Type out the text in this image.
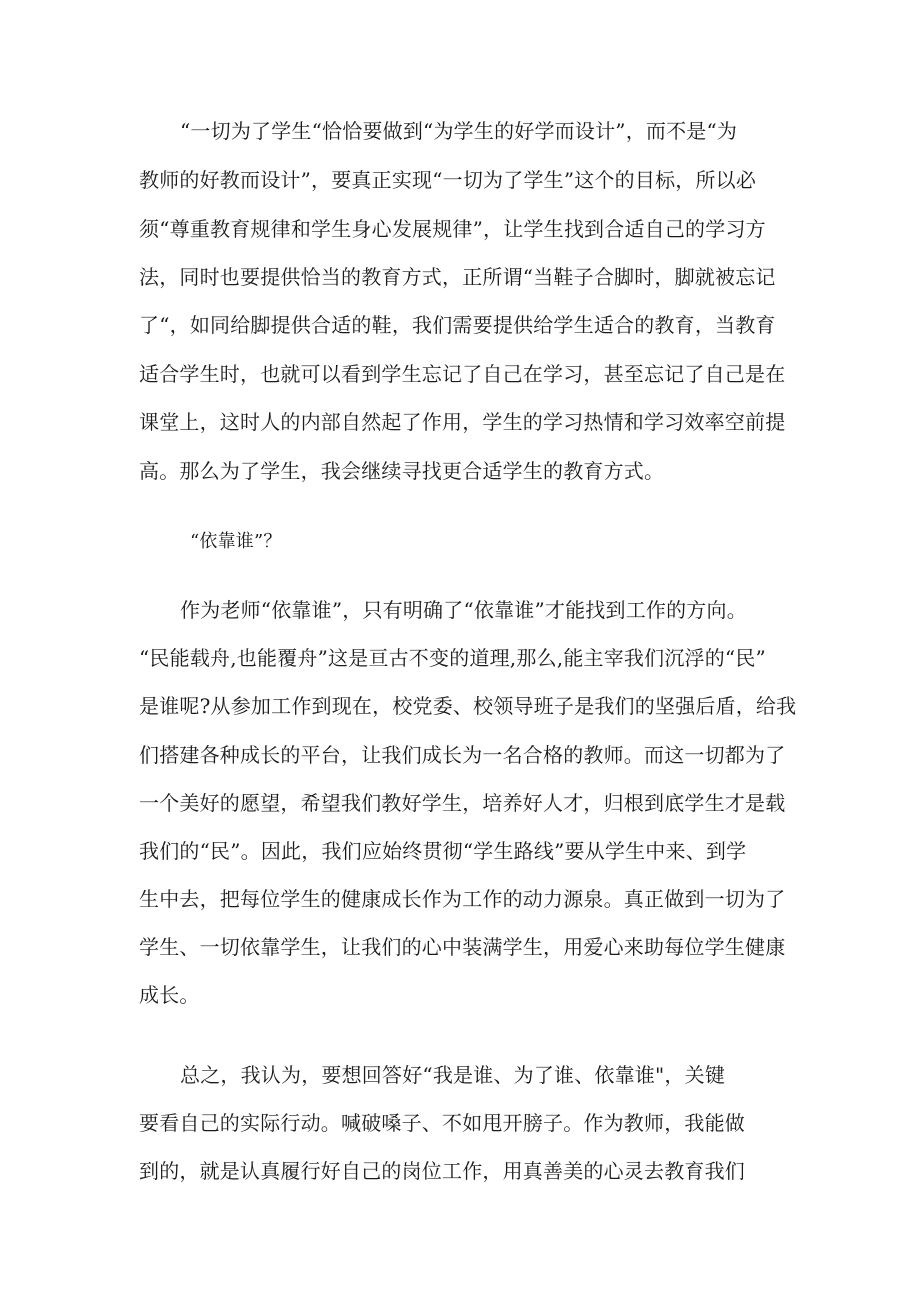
“一切为了学生“恰恰要做到“为学生的好学而设计”，而不是“为
教师的好教而设计”，要真正实现“一切为了学生”这个的目标，所以必
须“尊重教育规律和学生身心发展规律”，让学生找到合适自己的学习方
法，同时也要提供恰当的教育方式，正所谓“当鞋子合脚时，脚就被忘记
了“，如同给脚提供合适的鞋，我们需要提供给学生适合的教育，当教育
适合学生时，也就可以看到学生忘记了自己在学习，甚至忘记了自己是在
课堂上，这时人的内部自然起了作用，学生的学习热情和学习效率空前提
高。那么为了学生，我会继续寻找更合适学生的教育方式。
“依靠谁”？
作为老师“依靠谁”，只有明确了“依靠谁”才能找到工作的方向。
“民能载舟,也能覆舟”这是亘古不变的道理,那么,能主宰我们沉浮的“民”
是谁呢?从参加工作到现在，校党委、校领导班子是我们的坚强后盾，给我
们搭建各种成长的平台，让我们成长为一名合格的教师。而这一切都为了
一个美好的愿望，希望我们教好学生，培养好人才，归根到底学生才是载
我们的“民”。因此，我们应始终贯彻“学生路线”要从学生中来、到学
生中去，把每位学生的健康成长作为工作的动力源泉。真正做到一切为了
学生、一切依靠学生，让我们的心中装满学生，用爱心来助每位学生健康
成长。
总之，我认为，要想回答好“我是谁、为了谁、依靠谁"，关键
要看自己的实际行动。喊破嗓子、不如甩开膀子。作为教师，我能做
到的，就是认真履行好自己的岗位工作，用真善美的心灵去教育我们
